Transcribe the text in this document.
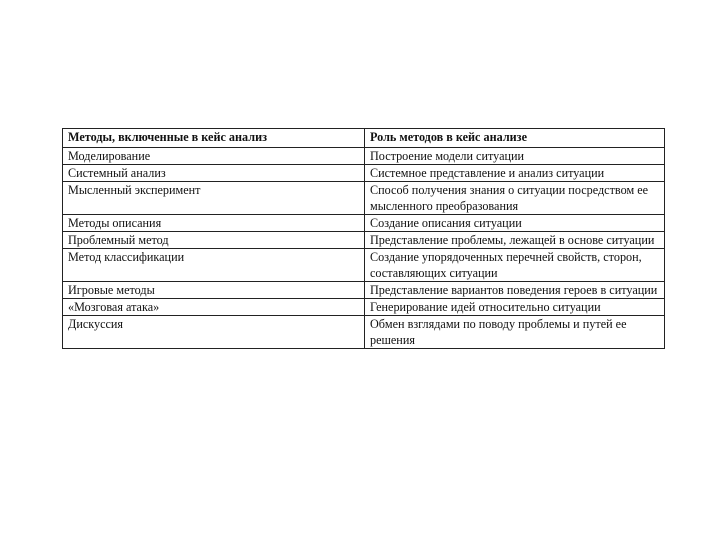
Методы, включенные в кейс анализ	Роль методов в кейс анализе
Моделирование	Построение модели ситуации
Системный анализ	Системное представление и анализ ситуации
Мысленный эксперимент	Способ получения знания о ситуации посредством ее мысленного преобразования
Методы описания	Создание описания ситуации
Проблемный метод	Представление проблемы, лежащей в основе ситуации
Метод классификации	Создание упорядоченных перечней свойств, сторон, составляющих ситуации
Игровые методы	Представление вариантов поведения героев в ситуации
«Мозговая атака»	Генерирование идей относительно ситуации
Дискуссия	Обмен взглядами по поводу проблемы и путей ее решения
